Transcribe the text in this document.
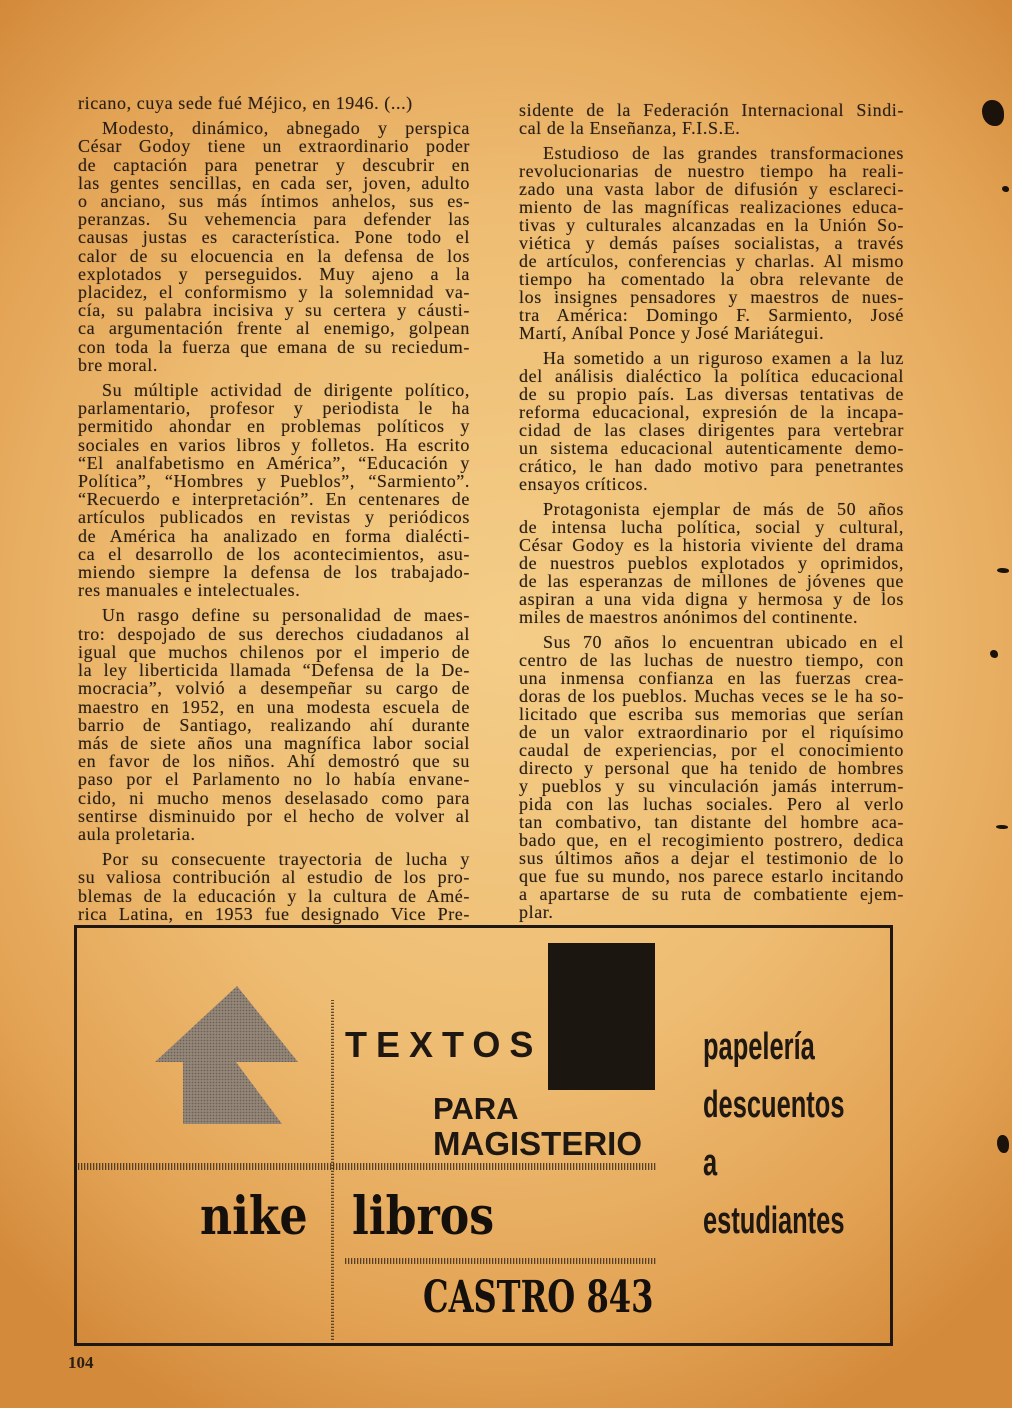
ricano, cuya sede fué Méjico, en 1946. (...)
Modesto, dinámico, abnegado y perspica
César Godoy tiene un extraordinario poder
de captación para penetrar y descubrir en
las gentes sencillas, en cada ser, joven, adulto
o anciano, sus más íntimos anhelos, sus es-
peranzas. Su vehemencia para defender las
causas justas es característica. Pone todo el
calor de su elocuencia en la defensa de los
explotados y perseguidos. Muy ajeno a la
placidez, el conformismo y la solemnidad va-
cía, su palabra incisiva y su certera y cáusti-
ca argumentación frente al enemigo, golpean
con toda la fuerza que emana de su reciedum-
bre moral.
Su múltiple actividad de dirigente político,
parlamentario, profesor y periodista le ha
permitido ahondar en problemas políticos y
sociales en varios libros y folletos. Ha escrito
“El analfabetismo en América”, “Educación y
Política”, “Hombres y Pueblos”, “Sarmiento”.
“Recuerdo e interpretación”. En centenares de
artículos publicados en revistas y periódicos
de América ha analizado en forma dialécti-
ca el desarrollo de los acontecimientos, asu-
miendo siempre la defensa de los trabajado-
res manuales e intelectuales.
Un rasgo define su personalidad de maes-
tro: despojado de sus derechos ciudadanos al
igual que muchos chilenos por el imperio de
la ley liberticida llamada “Defensa de la De-
mocracia”, volvió a desempeñar su cargo de
maestro en 1952, en una modesta escuela de
barrio de Santiago, realizando ahí durante
más de siete años una magnífica labor social
en favor de los niños. Ahí demostró que su
paso por el Parlamento no lo había envane-
cido, ni mucho menos deselasado como para
sentirse disminuido por el hecho de volver al
aula proletaria.
Por su consecuente trayectoria de lucha y
su valiosa contribución al estudio de los pro-
blemas de la educación y la cultura de Amé-
rica Latina, en 1953 fue designado Vice Pre-
sidente de la Federación Internacional Sindi-
cal de la Enseñanza, F.I.S.E.
Estudioso de las grandes transformaciones
revolucionarias de nuestro tiempo ha reali-
zado una vasta labor de difusión y esclareci-
miento de las magníficas realizaciones educa-
tivas y culturales alcanzadas en la Unión So-
viética y demás países socialistas, a través
de artículos, conferencias y charlas. Al mismo
tiempo ha comentado la obra relevante de
los insignes pensadores y maestros de nues-
tra América: Domingo F. Sarmiento, José
Martí, Aníbal Ponce y José Mariátegui.
Ha sometido a un riguroso examen a la luz
del análisis dialéctico la política educacional
de su propio país. Las diversas tentativas de
reforma educacional, expresión de la incapa-
cidad de las clases dirigentes para vertebrar
un sistema educacional autenticamente demo-
crático, le han dado motivo para penetrantes
ensayos críticos.
Protagonista ejemplar de más de 50 años
de intensa lucha política, social y cultural,
César Godoy es la historia viviente del drama
de nuestros pueblos explotados y oprimidos,
de las esperanzas de millones de jóvenes que
aspiran a una vida digna y hermosa y de los
miles de maestros anónimos del continente.
Sus 70 años lo encuentran ubicado en el
centro de las luchas de nuestro tiempo, con
una inmensa confianza en las fuerzas crea-
doras de los pueblos. Muchas veces se le ha so-
licitado que escriba sus memorias que serían
de un valor extraordinario por el riquísimo
caudal de experiencias, por el conocimiento
directo y personal que ha tenido de hombres
y pueblos y su vinculación jamás interrum-
pida con las luchas sociales. Pero al verlo
tan combativo, tan distante del hombre aca-
bado que, en el recogimiento postrero, dedica
sus últimos años a dejar el testimonio de lo
que fue su mundo, nos parece estarlo incitando
a apartarse de su ruta de combatiente ejem-
plar.
TEXTOS
PARA
MAGISTERIO
nike libros
CASTRO 843
papelería
descuentos
a
estudiantes
104
